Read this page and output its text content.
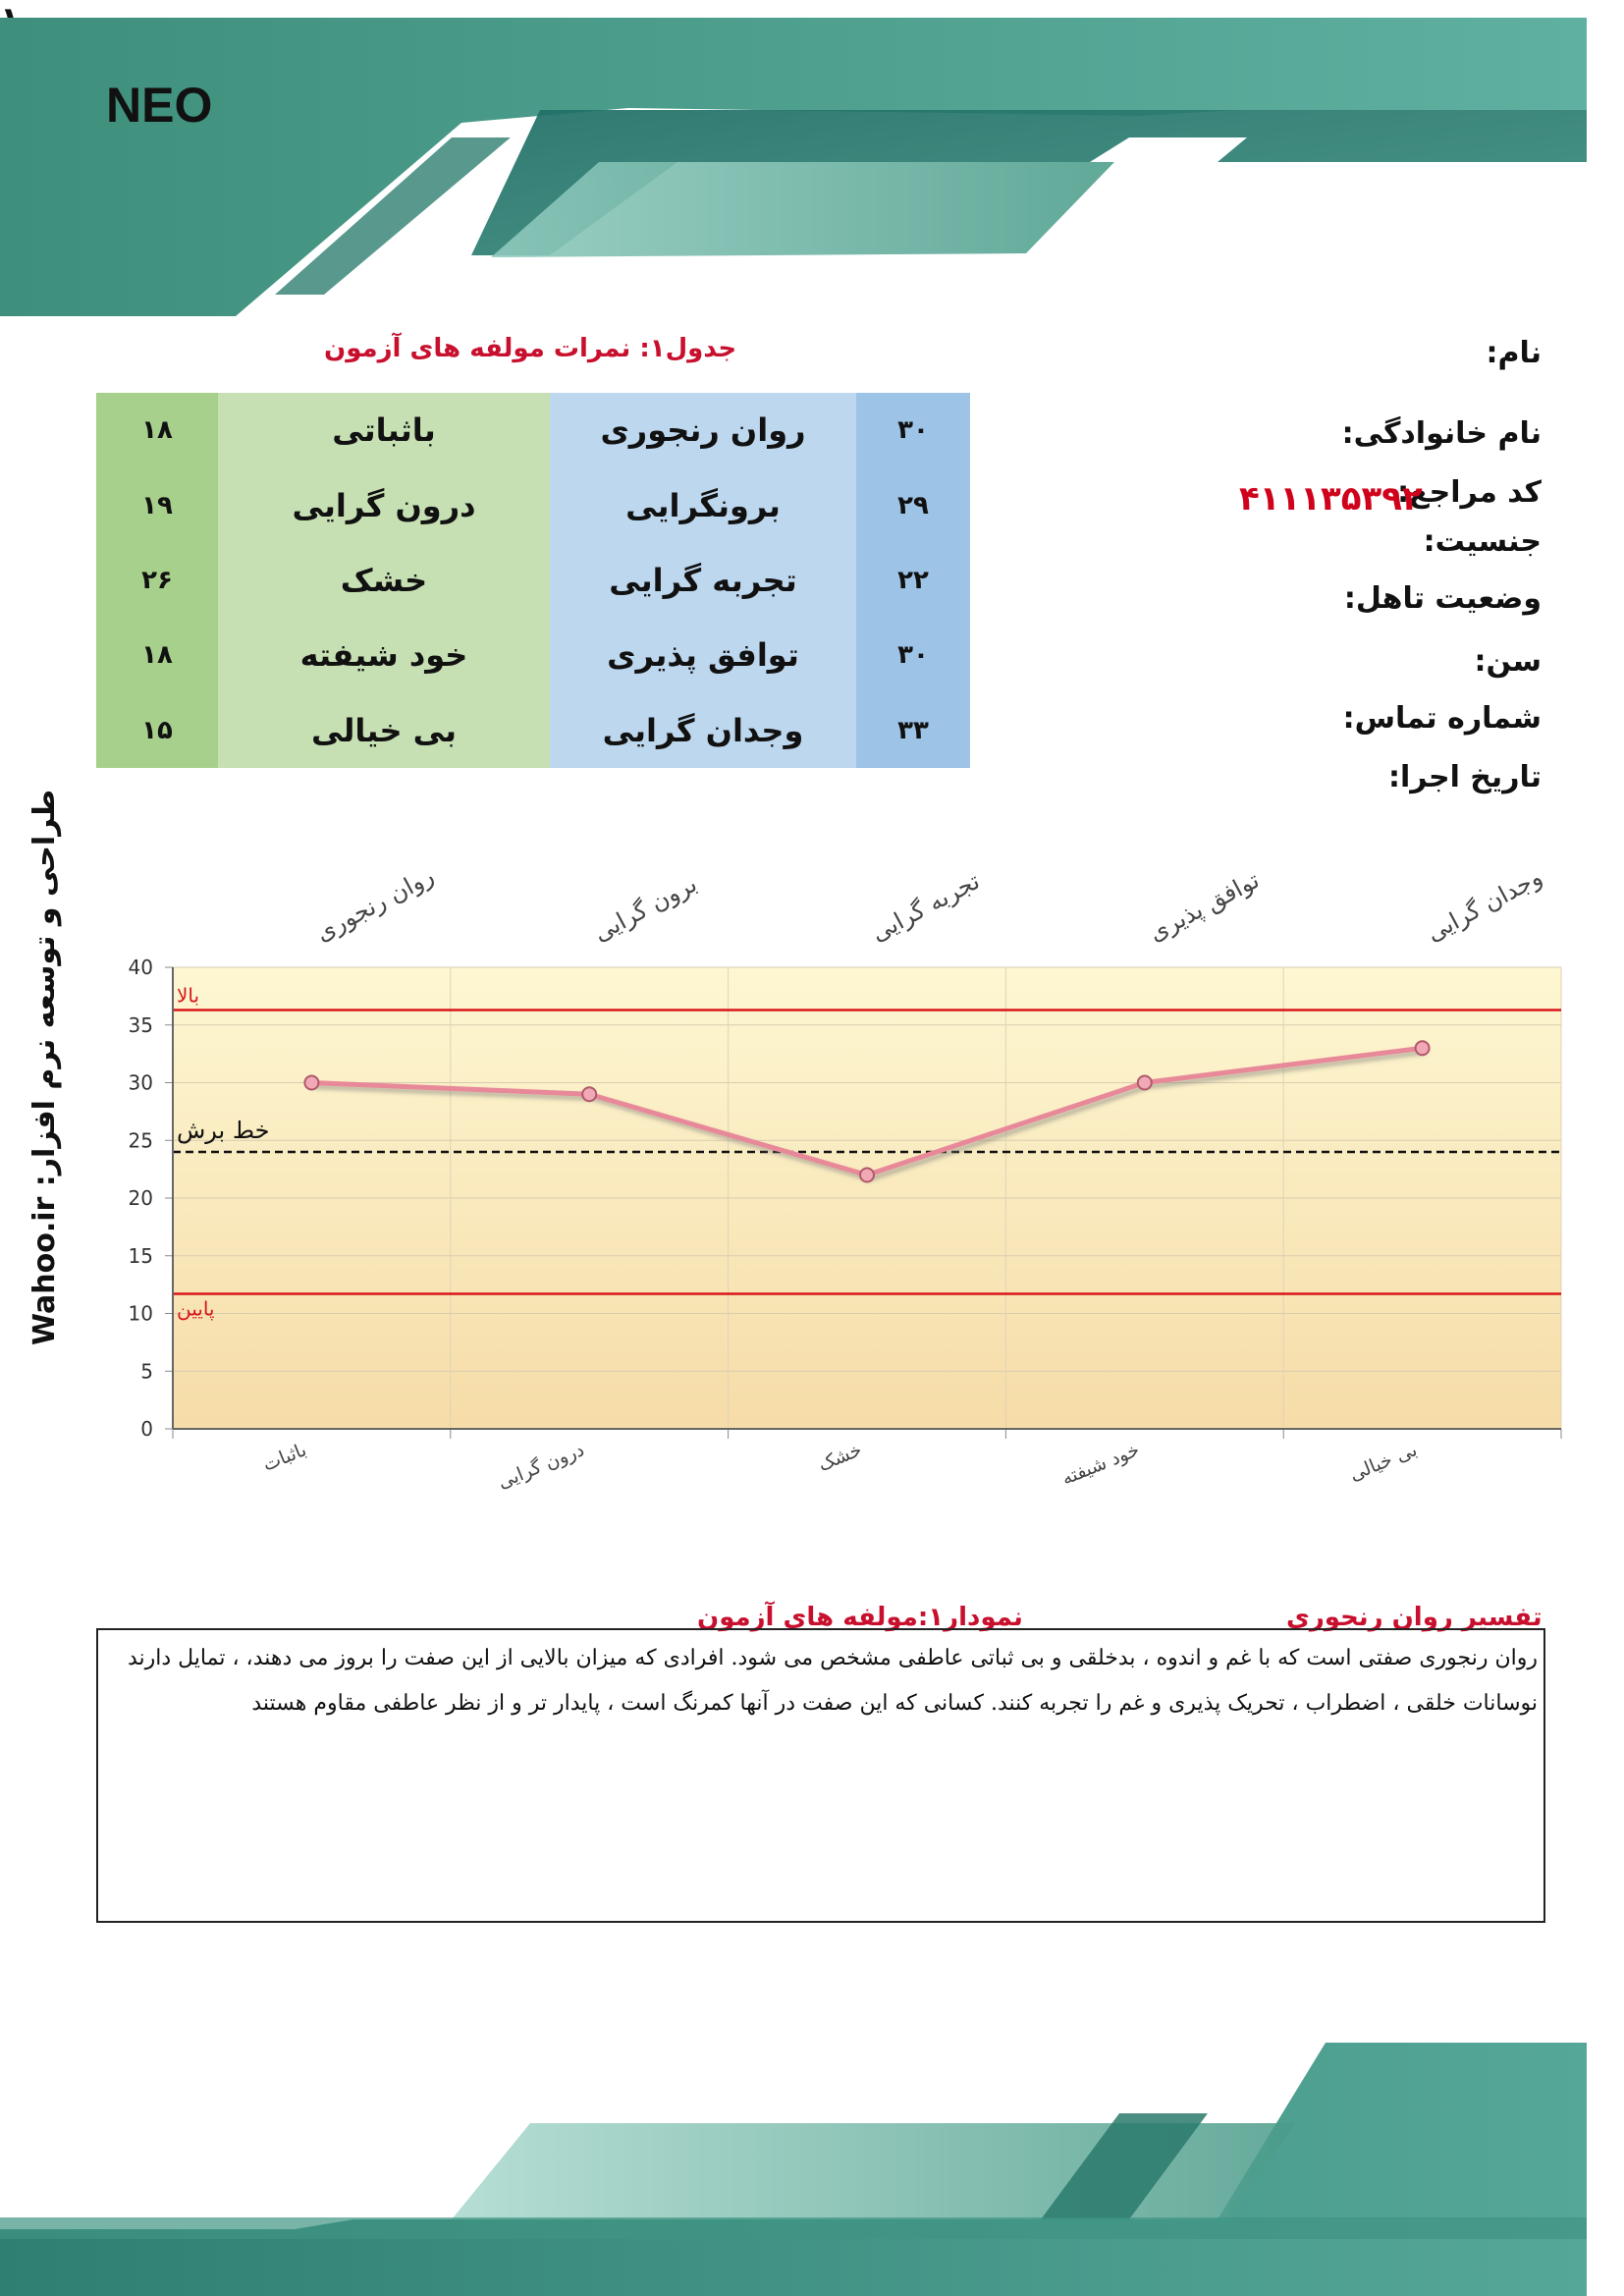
NEO
نام:
نام خانوادگی:
کد مراجع:
۴۱۱۱۳۵۳۹۲
جنسیت:
وضعیت تاهل:
سن:
شماره تماس:
تاریخ اجرا:
جدول۱: نمرات مولفه های آزمون
۱۸	باثباتی	روان رنجوری	۳۰
۱۹	درون گرایی	برونگرایی	۲۹
۲۶	خشک	تجربه گرایی	۲۲
۱۸	خود شیفته	توافق پذیری	۳۰
۱۵	بی خیالی	وجدان گرایی	۳۳
طراحی و توسعه نرم افزار: Wahoo.ir
0
5
10
15
20
25
30
35
40
بالا
خط برش
پایین
روان رنجوری	برون گرایی	تجربه گرایی	توافق پذیری	وجدان گرایی
باثبات	درون گرایی	خشک	خود شیفته	بی خیالی
نمودار۱:مولفه های آزمون	تفسیر روان رنجوری
روان رنجوری صفتی است که با غم و اندوه ، بدخلقی و بی ثباتی عاطفی مشخص می شود. افرادی که میزان بالایی از این صفت را بروز می دهند، ، تمایل دارند نوسانات خلقی ، اضطراب ، تحریک پذیری و غم را تجربه کنند. کسانی که این صفت در آنها کمرنگ است ، پایدار تر و از نظر عاطفی مقاوم هستند
